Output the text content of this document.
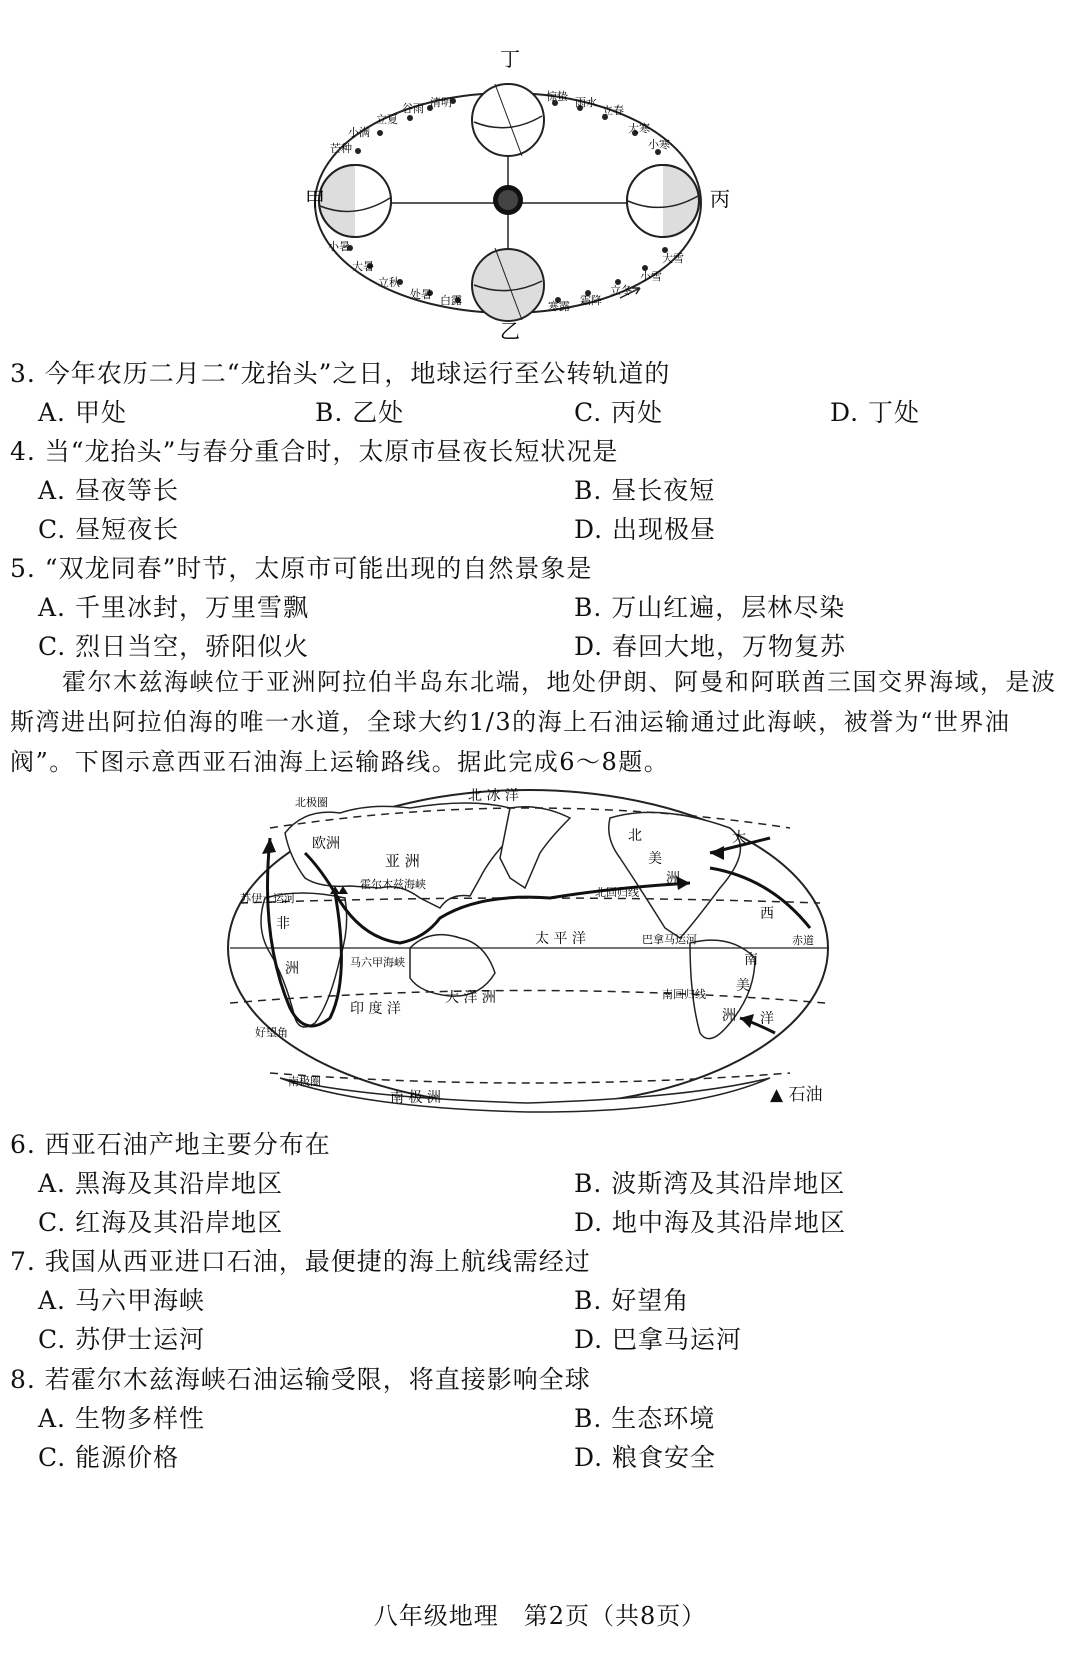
甲
乙
丙
丁
立夏
谷雨 清明
小满
芒种
惊蛰 雨水
立春
大寒
小寒
小暑
大暑
立秋
处暑 白露	寒露 霜降
立冬
小雪
大雪
3. 今年农历二月二“龙抬头”之日，地球运行至公转轨道的
A. 甲处	B. 乙处	C. 丙处	D. 丁处
4. 当“龙抬头”与春分重合时，太原市昼夜长短状况是
A. 昼夜等长	B. 昼长夜短
C. 昼短夜长	D. 出现极昼
5. “双龙同春”时节，太原市可能出现的自然景象是
A. 千里冰封，万里雪飘	B. 万山红遍，层林尽染
C. 烈日当空，骄阳似火	D. 春回大地，万物复苏
霍尔木兹海峡位于亚洲阿拉伯半岛东北端，地处伊朗、阿曼和阿联酋三国交界海域，是波斯湾进出阿拉伯海的唯一水道，全球大约1/3的海上石油运输通过此海峡，被誉为“世界油阀”。下图示意西亚石油海上运输路线。据此完成6～8题。
北 冰 洋
北极圈
欧洲
亚 洲
霍尔木兹海峡
苏伊士运河
非
洲	马六甲海峡
好望角
印 度 洋
大 洋 洲
太 平 洋
北回归线
南回归线
巴拿马运河	赤道
北
美
洲
南
美
洲
大
西
洋
南极圈
南 极 洲	▲ 石油
6. 西亚石油产地主要分布在
A. 黑海及其沿岸地区	B. 波斯湾及其沿岸地区
C. 红海及其沿岸地区	D. 地中海及其沿岸地区
7. 我国从西亚进口石油，最便捷的海上航线需经过
A. 马六甲海峡	B. 好望角
C. 苏伊士运河	D. 巴拿马运河
8. 若霍尔木兹海峡石油运输受限，将直接影响全球
A. 生物多样性	B. 生态环境
C. 能源价格	D. 粮食安全
八年级地理　第2页（共8页）
